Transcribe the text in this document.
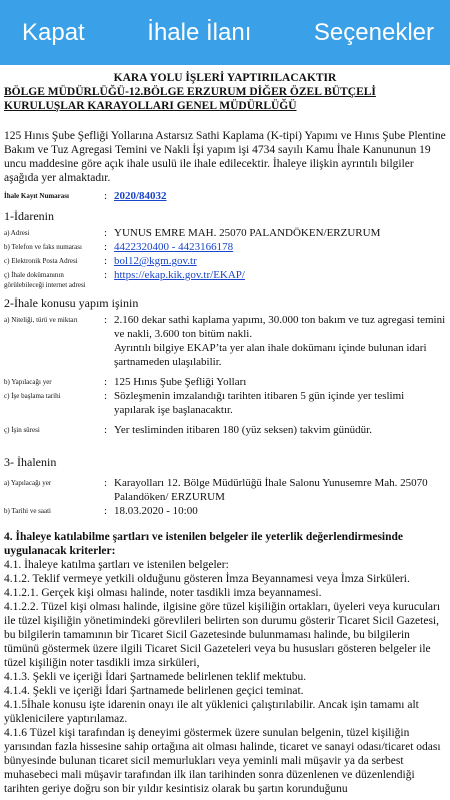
Kapat	İhale İlanı	Seçenekler
KARA YOLU İŞLERİ YAPTIRILACAKTIR
BÖLGE MÜDÜRLÜĞÜ-12.BÖLGE ERZURUM DİĞER ÖZEL BÜTÇELİ KURULUŞLAR KARAYOLLARI GENEL MÜDÜRLÜĞÜ
125 Hınıs Şube Şefliği Yollarına Astarsız Sathi Kaplama (K-tipi) Yapımı ve Hınıs Şube Plentine Bakım ve Tuz Agregasi Temini ve Nakli İşi yapım işi 4734 sayılı Kamu İhale Kanununun 19 uncu maddesine göre açık ihale usulü ile ihale edilecektir. İhaleye ilişkin ayrıntılı bilgiler aşağıda yer almaktadır.
İhale Kayıt Numarası	: 2020/84032
1-İdarenin
a) Adresi	: YUNUS EMRE MAH. 25070 PALANDÖKEN/ERZURUM
b) Telefon ve faks numarası	: 4422320400 - 4423166178
c) Elektronik Posta Adresi	: bol12@kgm.gov.tr
ç) İhale dokümanının görülebileceği internet adresi
: https://ekap.kik.gov.tr/EKAP/
2-İhale konusu yapım işinin
a) Niteliği, türü ve miktarı	: 2.160 dekar sathi kaplama yapımı, 30.000 ton bakım ve tuz agregasi temini ve nakli, 3.600 ton bitüm nakli.
Ayrıntılı bilgiye EKAP’ta yer alan ihale dokümanı içinde bulunan idari şartnameden ulaşılabilir.
b) Yapılacağı yer	: 125 Hınıs Şube Şefliği Yolları
c) İşe başlama tarihi	: Sözleşmenin imzalandığı tarihten itibaren 5 gün içinde yer teslimi yapılarak işe başlanacaktır.
ç) İşin süresi	: Yer tesliminden itibaren 180 (yüz seksen) takvim günüdür.
3- İhalenin
a) Yapılacağı yer	: Karayolları 12. Bölge Müdürlüğü İhale Salonu Yunusemre Mah. 25070 Palandöken/ ERZURUM
b) Tarihi ve saati	: 18.03.2020 - 10:00
4. İhaleye katılabilme şartları ve istenilen belgeler ile yeterlik değerlendirmesinde uygulanacak kriterler:
4.1. İhaleye katılma şartları ve istenilen belgeler:
4.1.2. Teklif vermeye yetkili olduğunu gösteren İmza Beyannamesi veya İmza Sirküleri.
4.1.2.1. Gerçek kişi olması halinde, noter tasdikli imza beyannamesi.
4.1.2.2. Tüzel kişi olması halinde, ilgisine göre tüzel kişiliğin ortakları, üyeleri veya kurucuları ile tüzel kişiliğin yönetimindeki görevlileri belirten son durumu gösterir Ticaret Sicil Gazetesi, bu bilgilerin tamamının bir Ticaret Sicil Gazetesinde bulunmaması halinde, bu bilgilerin tümünü göstermek üzere ilgili Ticaret Sicil Gazeteleri veya bu hususları gösteren belgeler ile tüzel kişiliğin noter tasdikli imza sirküleri,
4.1.3. Şekli ve içeriği İdari Şartnamede belirlenen teklif mektubu.
4.1.4. Şekli ve içeriği İdari Şartnamede belirlenen geçici teminat.
4.1.5İhale konusu işte idarenin onayı ile alt yüklenici çalıştırılabilir. Ancak işin tamamı alt yüklenicilere yaptırılamaz.
4.1.6 Tüzel kişi tarafından iş deneyimi göstermek üzere sunulan belgenin, tüzel kişiliğin yarısından fazla hissesine sahip ortağına ait olması halinde, ticaret ve sanayi odası/ticaret odası bünyesinde bulunan ticaret sicil memurlukları veya yeminli mali müşavir ya da serbest muhasebeci mali müşavir tarafından ilk ilan tarihinden sonra düzenlenen ve düzenlendiği tarihten geriye doğru son bir yıldır kesintisiz olarak bu şartın korunduğunu
